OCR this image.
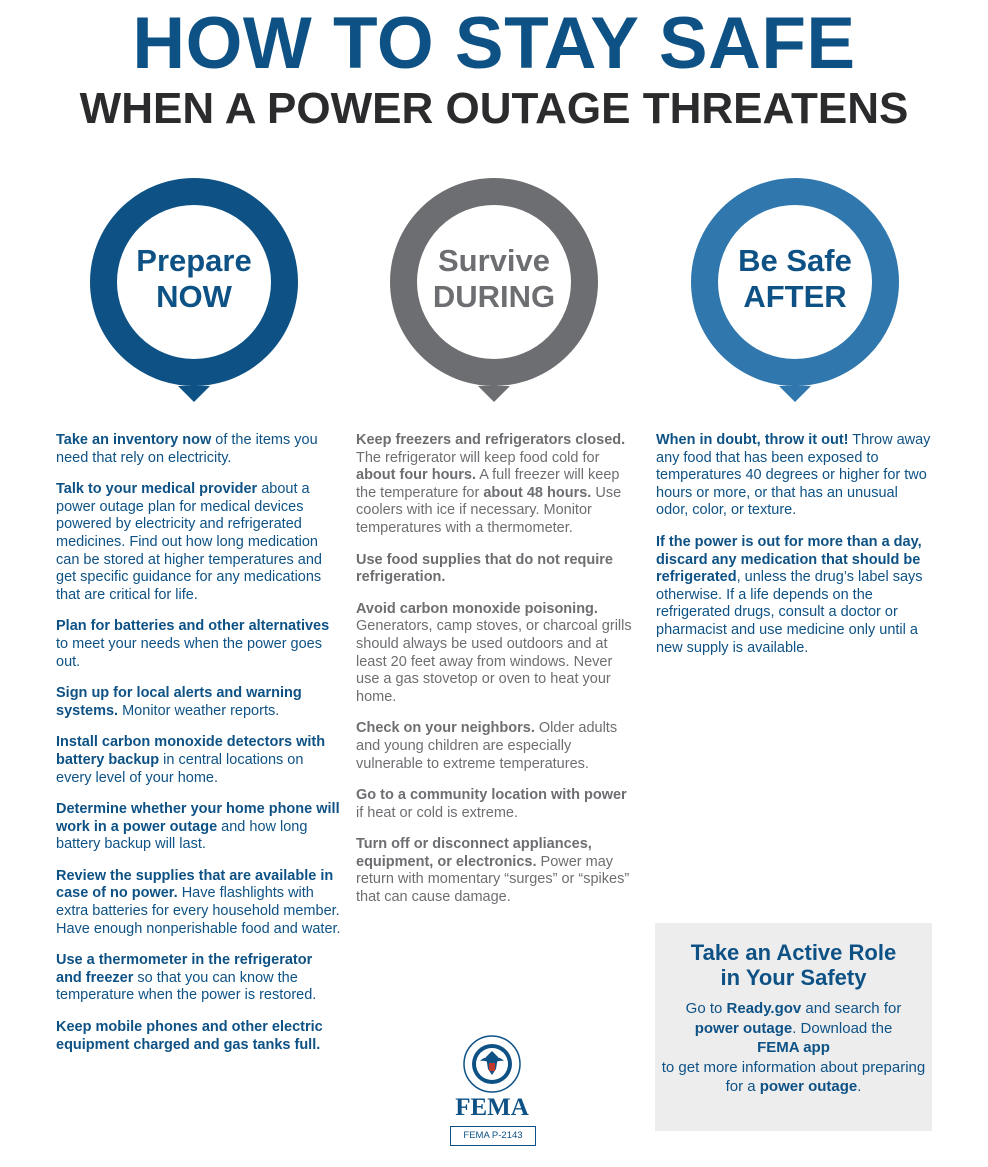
HOW TO STAY SAFE
WHEN A POWER OUTAGE THREATENS
Prepare
NOW
Survive
DURING
Be Safe
AFTER

Take an inventory now of the items you need that rely on electricity.

Talk to your medical provider about a power outage plan for medical devices powered by electricity and refrigerated medicines. Find out how long medication can be stored at higher temperatures and get specific guidance for any medications that are critical for life.

Plan for batteries and other alternatives to meet your needs when the power goes out.

Sign up for local alerts and warning systems. Monitor weather reports.

Install carbon monoxide detectors with battery backup in central locations on every level of your home.

Determine whether your home phone will work in a power outage and how long battery backup will last.

Review the supplies that are available in case of no power. Have flashlights with extra batteries for every household member. Have enough nonperishable food and water.

Use a thermometer in the refrigerator and freezer so that you can know the temperature when the power is restored.

Keep mobile phones and other electric equipment charged and gas tanks full.

Keep freezers and refrigerators closed. The refrigerator will keep food cold for about four hours. A full freezer will keep the temperature for about 48 hours. Use coolers with ice if necessary. Monitor temperatures with a thermometer.

Use food supplies that do not require refrigeration.

Avoid carbon monoxide poisoning. Generators, camp stoves, or charcoal grills should always be used outdoors and at least 20 feet away from windows. Never use a gas stovetop or oven to heat your home.

Check on your neighbors. Older adults and young children are especially vulnerable to extreme temperatures.

Go to a community location with power if heat or cold is extreme.

Turn off or disconnect appliances, equipment, or electronics. Power may return with momentary “surges” or “spikes” that can cause damage.

When in doubt, throw it out! Throw away any food that has been exposed to temperatures 40 degrees or higher for two hours or more, or that has an unusual odor, color, or texture.

If the power is out for more than a day, discard any medication that should be refrigerated, unless the drug’s label says otherwise. If a life depends on the refrigerated drugs, consult a doctor or pharmacist and use medicine only until a new supply is available.

Take an Active Role
in Your Safety
Go to Ready.gov and search for
power outage. Download the
FEMA app
to get more information about preparing for a power outage.
FEMA
FEMA P-2143
